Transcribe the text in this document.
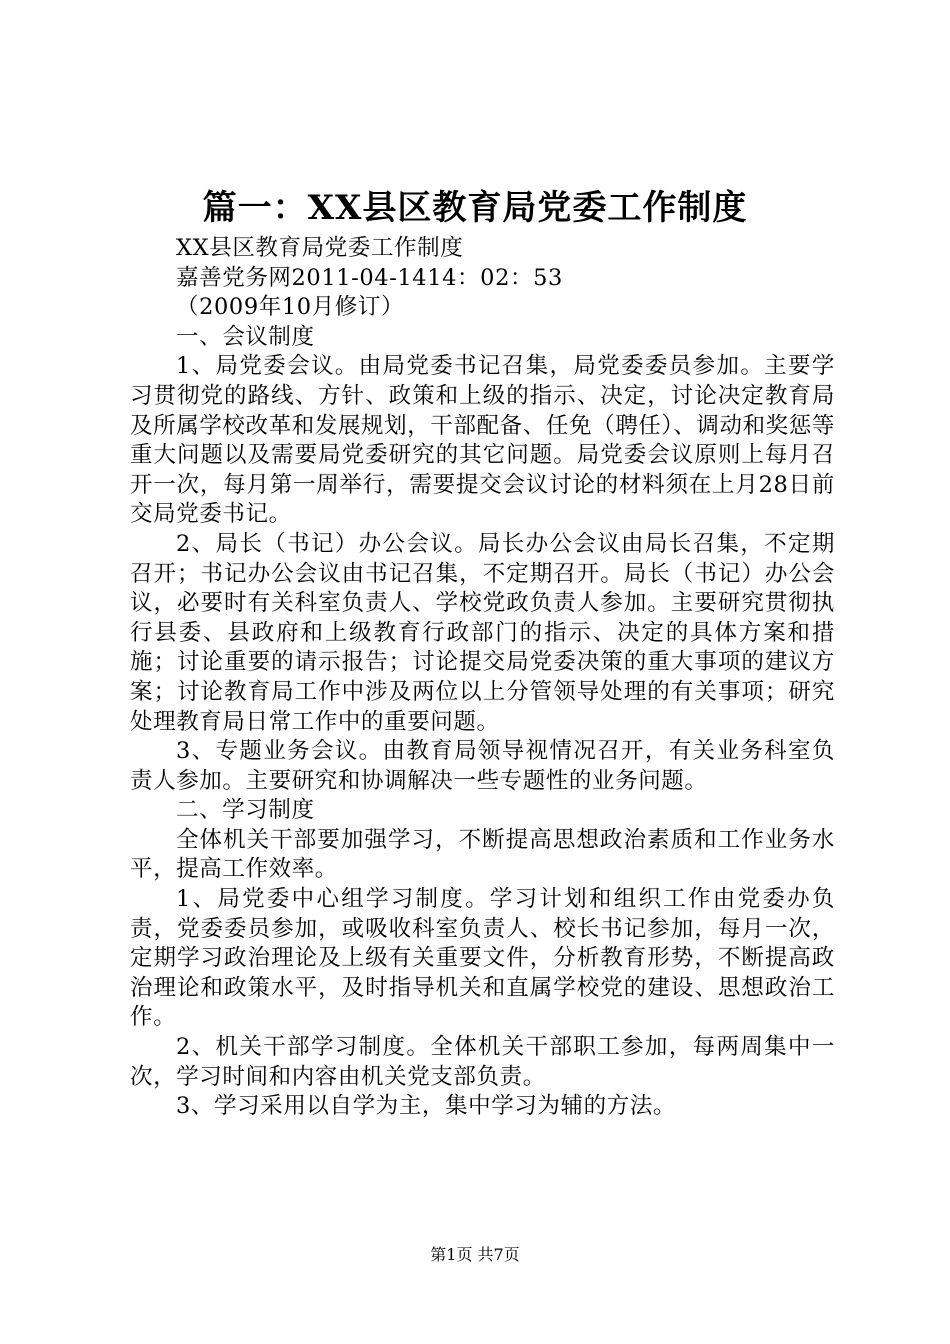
篇一：XX县区教育局党委工作制度

XX县区教育局党委工作制度

嘉善党务网2011-04-1414：02：53

（2009年10月修订）

一、会议制度

1、局党委会议。由局党委书记召集，局党委委员参加。主要学习贯彻党的路线、方针、政策和上级的指示、决定，讨论决定教育局及所属学校改革和发展规划，干部配备、任免（聘任）、调动和奖惩等重大问题以及需要局党委研究的其它问题。局党委会议原则上每月召开一次，每月第一周举行，需要提交会议讨论的材料须在上月28日前交局党委书记。

2、局长（书记）办公会议。局长办公会议由局长召集，不定期召开；书记办公会议由书记召集，不定期召开。局长（书记）办公会议，必要时有关科室负责人、学校党政负责人参加。主要研究贯彻执行县委、县政府和上级教育行政部门的指示、决定的具体方案和措施；讨论重要的请示报告；讨论提交局党委决策的重大事项的建议方案；讨论教育局工作中涉及两位以上分管领导处理的有关事项；研究处理教育局日常工作中的重要问题。

3、专题业务会议。由教育局领导视情况召开，有关业务科室负责人参加。主要研究和协调解决一些专题性的业务问题。

二、学习制度

全体机关干部要加强学习，不断提高思想政治素质和工作业务水平，提高工作效率。

1、局党委中心组学习制度。学习计划和组织工作由党委办负责，党委委员参加，或吸收科室负责人、校长书记参加，每月一次，定期学习政治理论及上级有关重要文件，分析教育形势，不断提高政治理论和政策水平，及时指导机关和直属学校党的建设、思想政治工作。

2、机关干部学习制度。全体机关干部职工参加，每两周集中一次，学习时间和内容由机关党支部负责。

3、学习采用以自学为主，集中学习为辅的方法。

第1页 共7页
